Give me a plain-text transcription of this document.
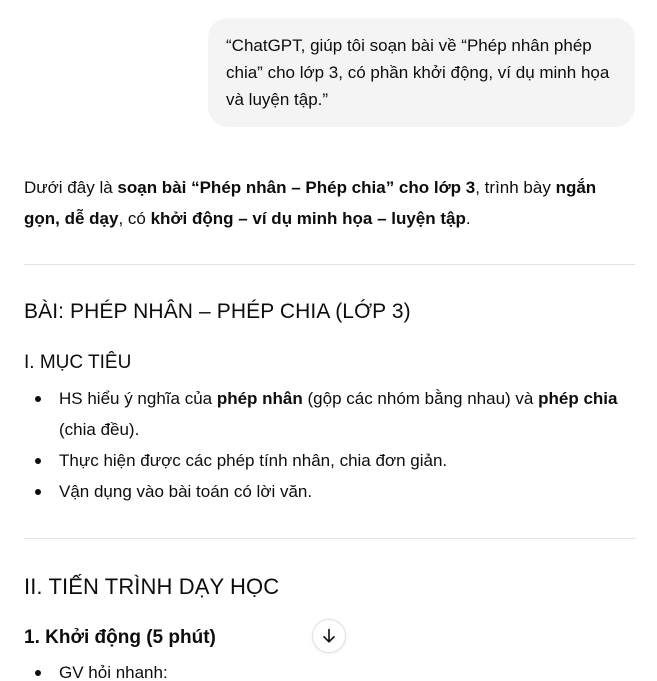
“ChatGPT, giúp tôi soạn bài về “Phép nhân phép chia” cho lớp 3, có phần khởi động, ví dụ minh họa và luyện tập.”

Dưới đây là soạn bài “Phép nhân – Phép chia” cho lớp 3, trình bày ngắn gọn, dễ dạy, có khởi động – ví dụ minh họa – luyện tập.

BÀI: PHÉP NHÂN – PHÉP CHIA (LỚP 3)
I. MỤC TIÊU
HS hiểu ý nghĩa của phép nhân (gộp các nhóm bằng nhau) và phép chia (chia đều).
Thực hiện được các phép tính nhân, chia đơn giản.
Vận dụng vào bài toán có lời văn.
II. TIẾN TRÌNH DẠY HỌC
1. Khởi động (5 phút)
GV hỏi nhanh:
